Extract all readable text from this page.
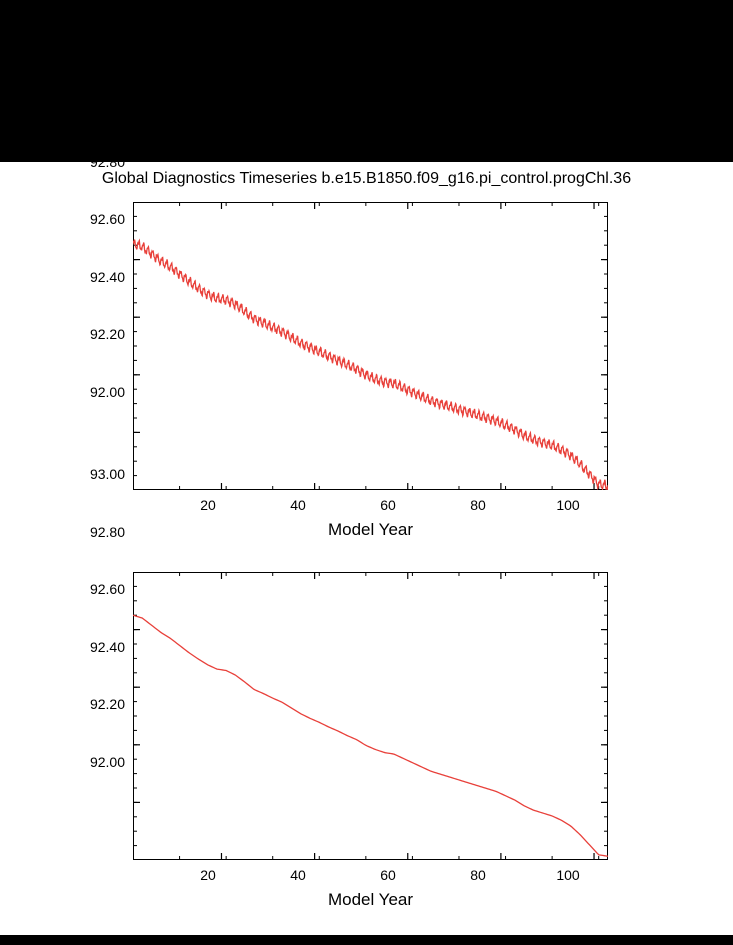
Global Diagnostics Timeseries b.e15.B1850.f09_g16.pi_control.progChl.36
92.00
92.20
92.40
92.60
92.80
93.00
20	40	60	80	100
Model Year
92.00
92.20
92.40
92.60
92.80
93.00
20	40	60	80	100
Model Year
